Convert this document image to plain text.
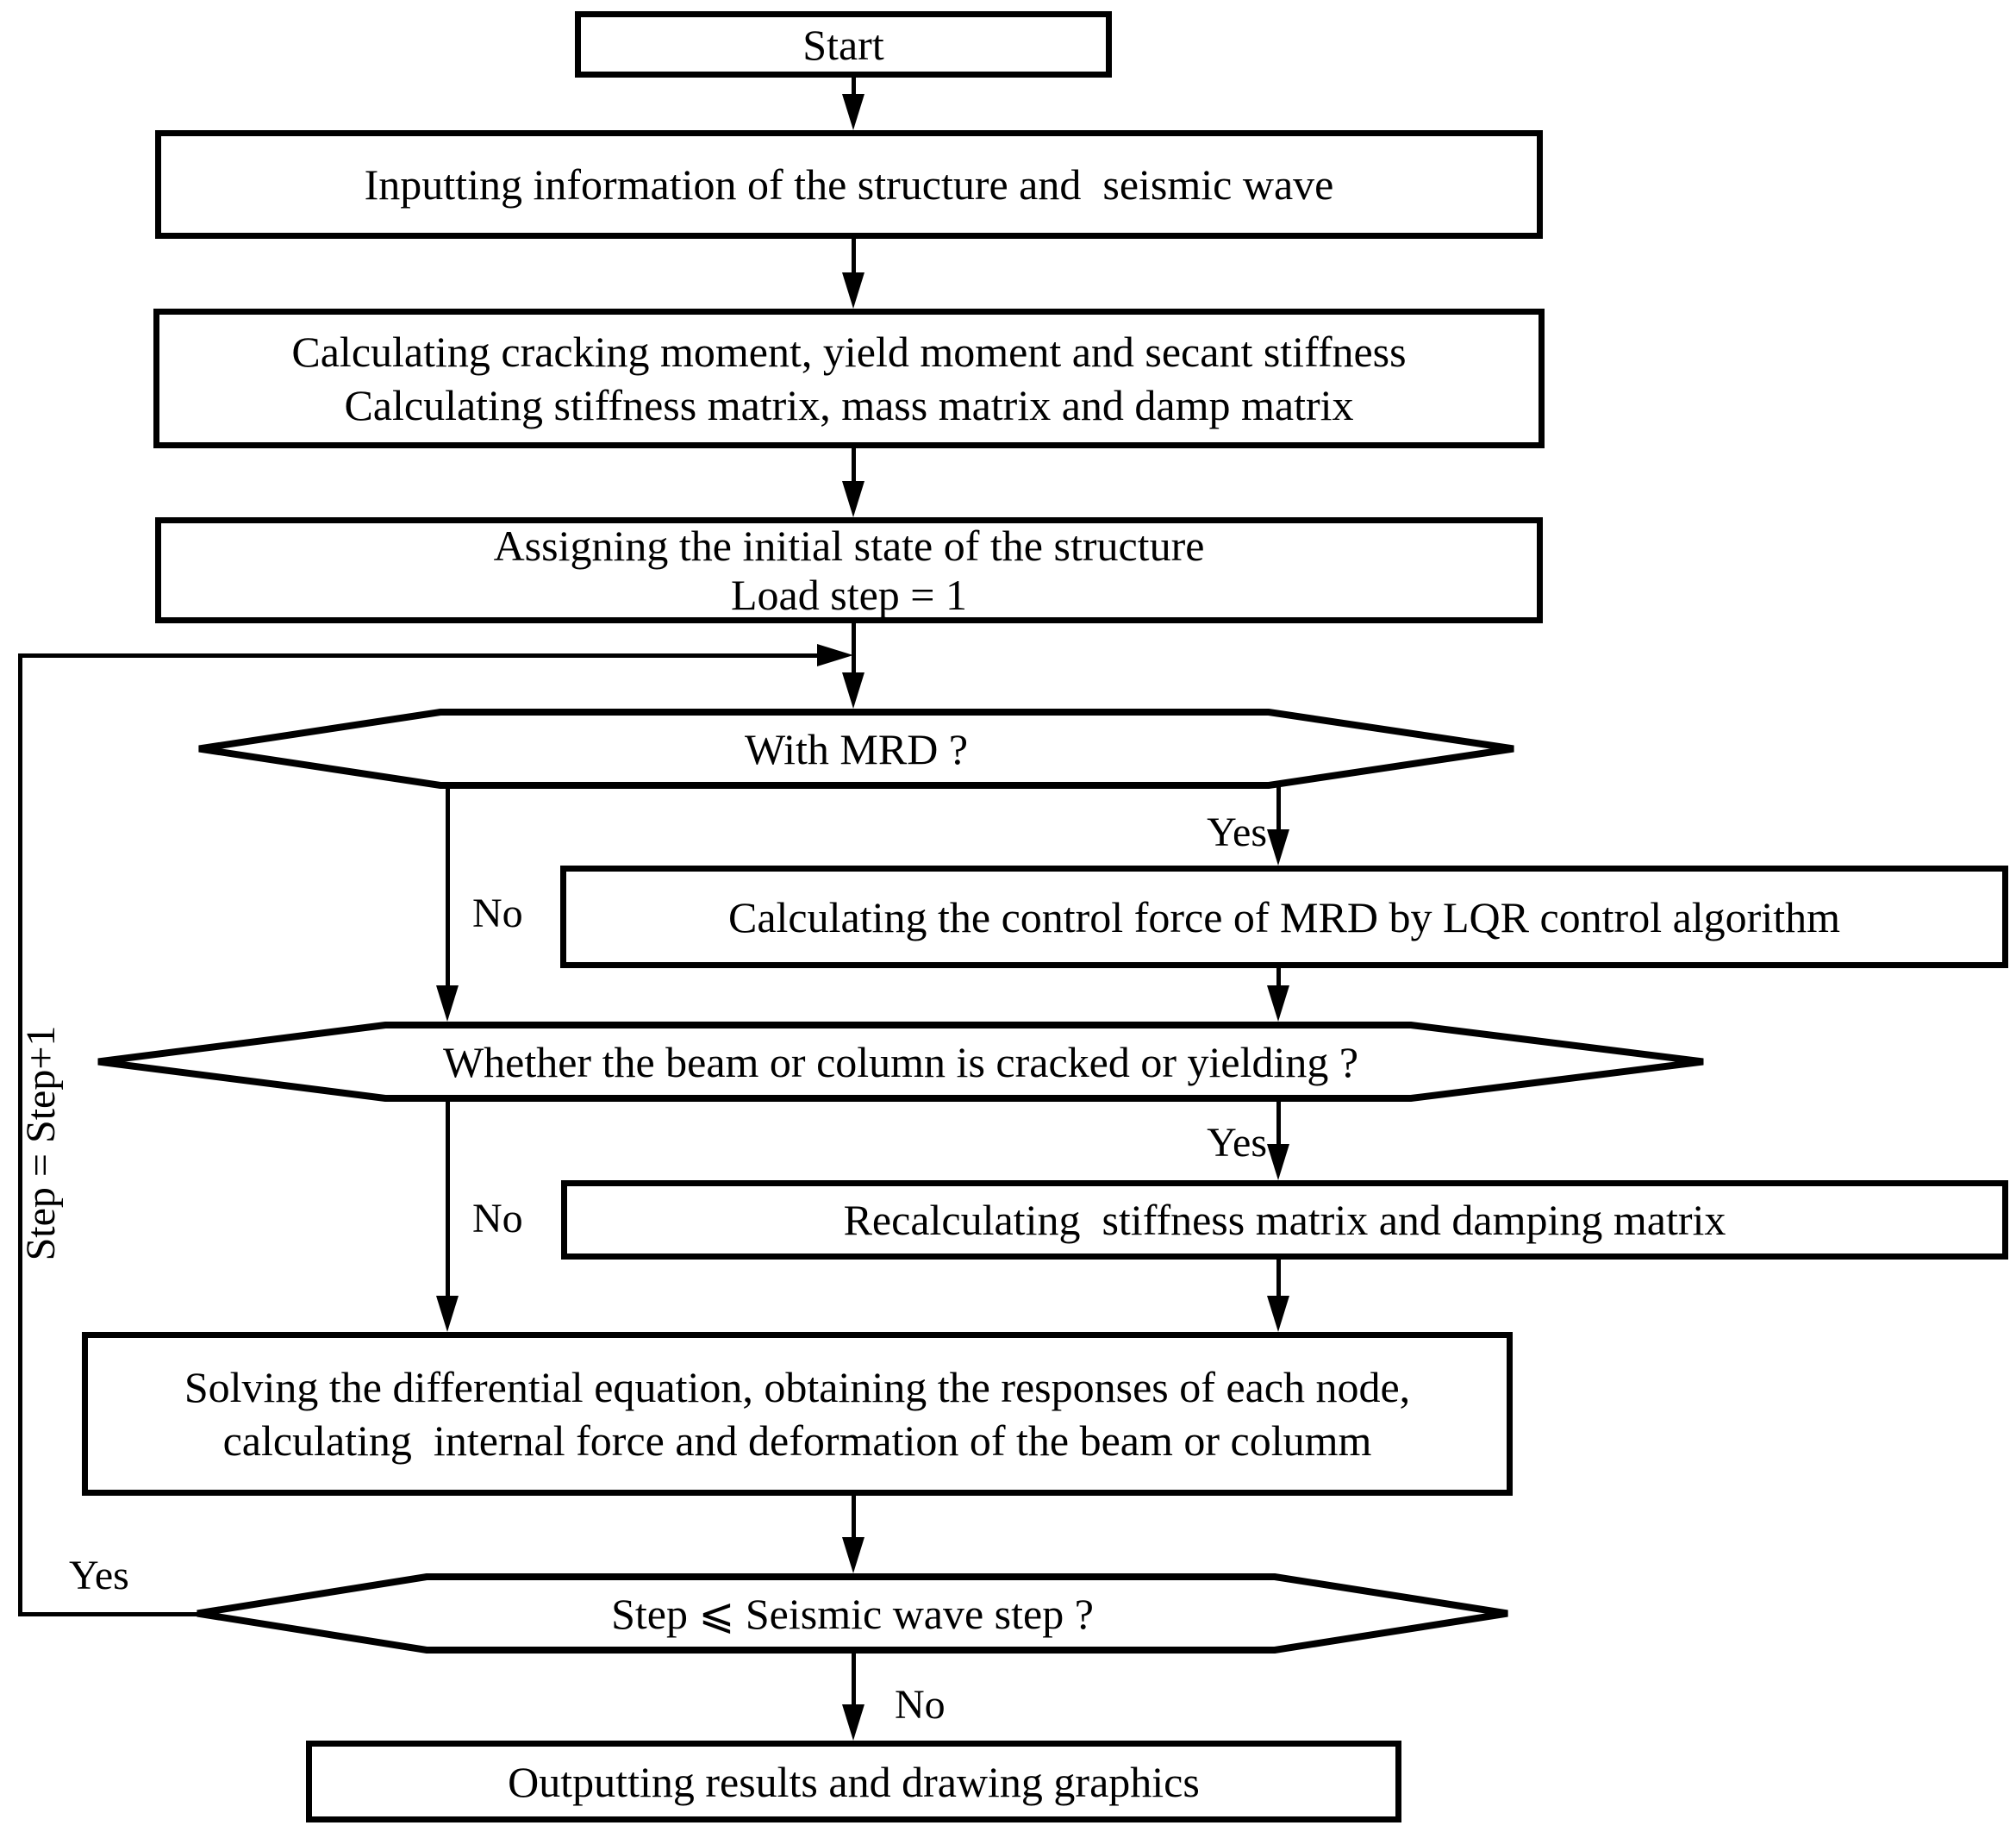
Start
Inputting information of the structure and  seismic wave
Calculating cracking moment, yield moment and secant stiffness
Calculating stiffness matrix, mass matrix and damp matrix
Assigning the initial state of the structure
Load step = 1
Calculating the control force of MRD by LQR control algorithm
Recalculating  stiffness matrix and damping matrix
Solving the differential equation, obtaining the responses of each node,
calculating  internal force and deformation of the beam or columm
Outputting results and drawing graphics
With MRD ?
Whether the beam or column is cracked or yielding ?
Step ⩽ Seismic wave step ?
Yes
No
Yes
No
Yes
No
Step = Step+1
